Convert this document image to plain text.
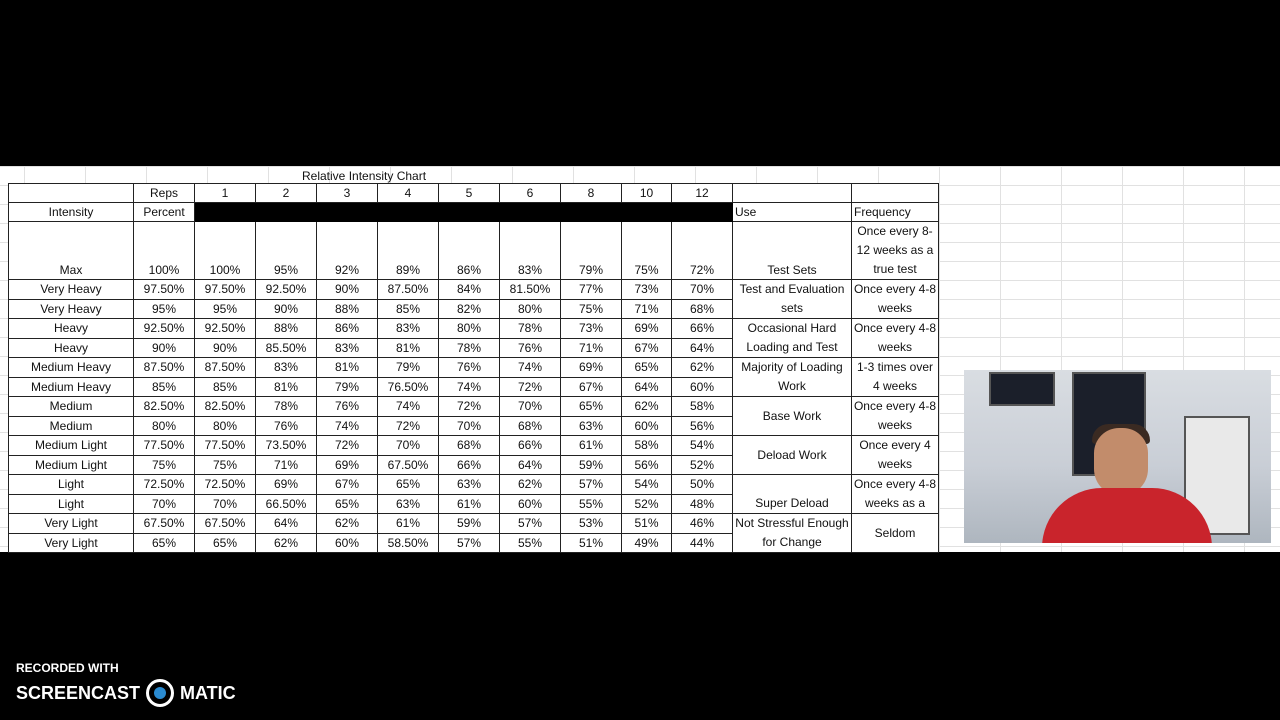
Relative Intensity Chart
	Reps	1	2	3	4	5	6	8	10	12		
Intensity	Percent										Use	Frequency
Max	100%	100%	95%	92%	89%	86%	83%	79%	75%	72%	Test Sets	Once every 8-12 weeks as a true test
Very Heavy	97.50%	97.50%	92.50%	90%	87.50%	84%	81.50%	77%	73%	70%	Test and Evaluation sets	Once every 4-8 weeks
Very Heavy	95%	95%	90%	88%	85%	82%	80%	75%	71%	68%		
Heavy	92.50%	92.50%	88%	86%	83%	80%	78%	73%	69%	66%	Occasional Hard Loading and Test	Once every 4-8 weeks
Heavy	90%	90%	85.50%	83%	81%	78%	76%	71%	67%	64%		
Medium Heavy	87.50%	87.50%	83%	81%	79%	76%	74%	69%	65%	62%	Majority of Loading Work	1-3 times over 4 weeks
Medium Heavy	85%	85%	81%	79%	76.50%	74%	72%	67%	64%	60%		
Medium	82.50%	82.50%	78%	76%	74%	72%	70%	65%	62%	58%	Base Work	Once every 4-8 weeks
Medium	80%	80%	76%	74%	72%	70%	68%	63%	60%	56%		
Medium Light	77.50%	77.50%	73.50%	72%	70%	68%	66%	61%	58%	54%	Deload Work	Once every 4 weeks
Medium Light	75%	75%	71%	69%	67.50%	66%	64%	59%	56%	52%		
Light	72.50%	72.50%	69%	67%	65%	63%	62%	57%	54%	50%	Super Deload	Once every 4-8 weeks as a
Light	70%	70%	66.50%	65%	63%	61%	60%	55%	52%	48%		
Very Light	67.50%	67.50%	64%	62%	61%	59%	57%	53%	51%	46%	Not Stressful Enough for Change	Seldom
Very Light	65%	65%	62%	60%	58.50%	57%	55%	51%	49%	44%		
RECORDED WITH
SCREENCAST MATIC
